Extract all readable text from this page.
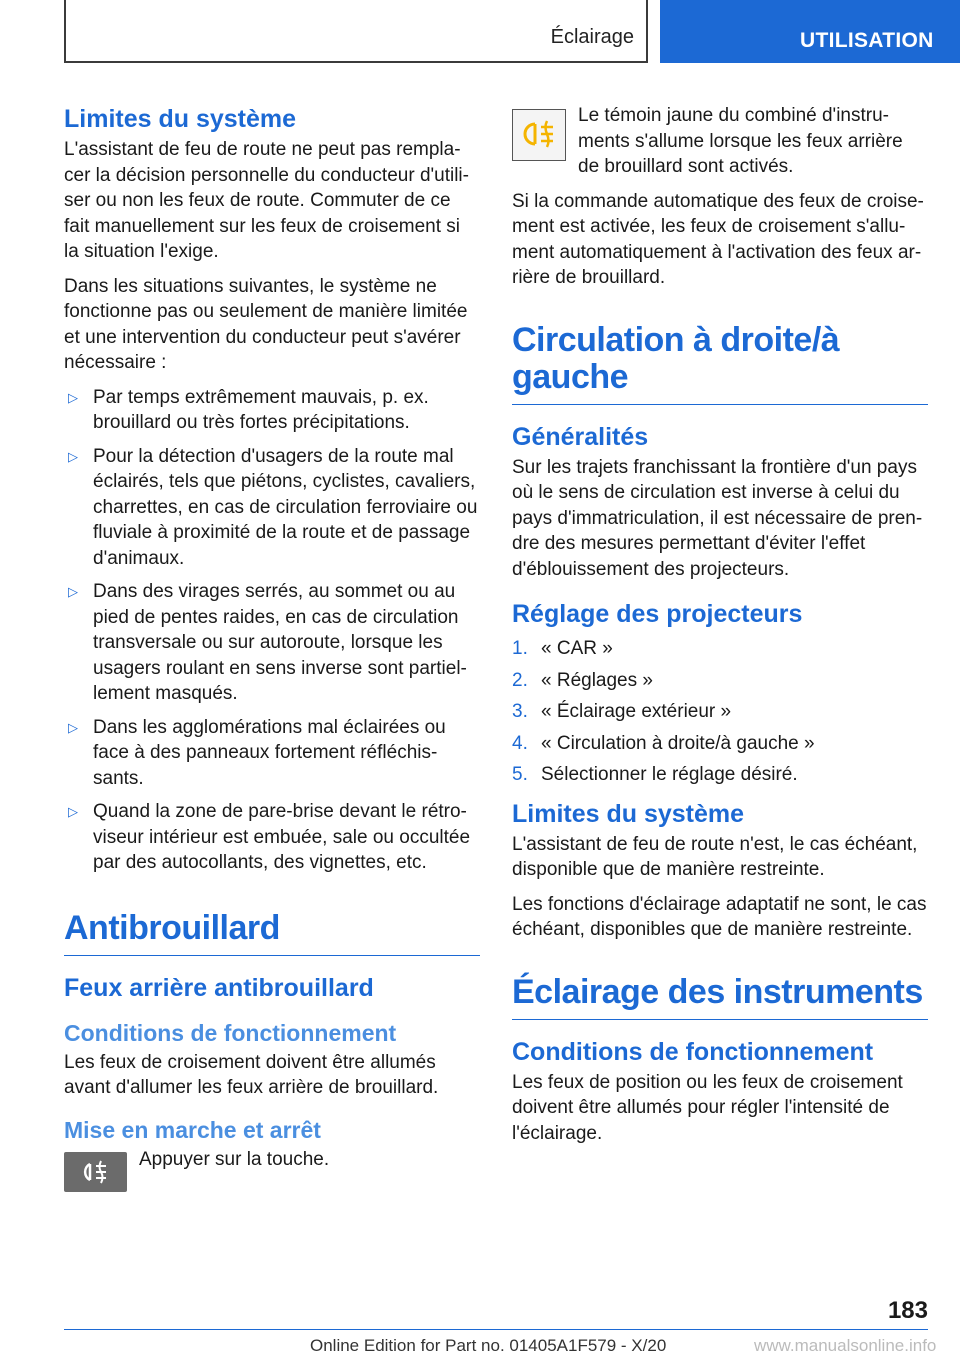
Éclairage	UTILISATION
Limites du système

L'assistant de feu de route ne peut pas rempla-cer la décision personnelle du conducteur d'utili-ser ou non les feux de route. Commuter de ce fait manuellement sur les feux de croisement si la situation l'exige.

Dans les situations suivantes, le système ne fonctionne pas ou seulement de manière limitée et une intervention du conducteur peut s'avérer nécessaire :

▷ Par temps extrêmement mauvais, p. ex. brouillard ou très fortes précipitations.
▷ Pour la détection d'usagers de la route mal éclairés, tels que piétons, cyclistes, cavaliers, charrettes, en cas de circulation ferroviaire ou fluviale à proximité de la route et de passage d'animaux.
▷ Dans des virages serrés, au sommet ou au pied de pentes raides, en cas de circulation transversale ou sur autoroute, lorsque les usagers roulant en sens inverse sont partiel-lement masqués.
▷ Dans les agglomérations mal éclairées ou face à des panneaux fortement réfléchis-sants.
▷ Quand la zone de pare-brise devant le rétro-viseur intérieur est embuée, sale ou occultée par des autocollants, des vignettes, etc.
Antibrouillard
Feux arrière antibrouillard
Conditions de fonctionnement

Les feux de croisement doivent être allumés avant d'allumer les feux arrière de brouillard.

Mise en marche et arrêt

Appuyer sur la touche.

Le témoin jaune du combiné d'instru-ments s'allume lorsque les feux arrière de brouillard sont activés.

Si la commande automatique des feux de croise-ment est activée, les feux de croisement s'allu-ment automatiquement à l'activation des feux ar-rière de brouillard.

Circulation à droite/à gauche
Généralités

Sur les trajets franchissant la frontière d'un pays où le sens de circulation est inverse à celui du pays d'immatriculation, il est nécessaire de pren-dre des mesures permettant d'éviter l'effet d'éblouissement des projecteurs.

Réglage des projecteurs
1. « CAR »
2. « Réglages »
3. « Éclairage extérieur »
4. « Circulation à droite/à gauche »
5. Sélectionner le réglage désiré.
Limites du système

L'assistant de feu de route n'est, le cas échéant, disponible que de manière restreinte.

Les fonctions d'éclairage adaptatif ne sont, le cas échéant, disponibles que de manière restreinte.

Éclairage des instruments
Conditions de fonctionnement

Les feux de position ou les feux de croisement doivent être allumés pour régler l'intensité de l'éclairage.

183
Online Edition for Part no. 01405A1F579 - X/20	www.manualsonline.info
